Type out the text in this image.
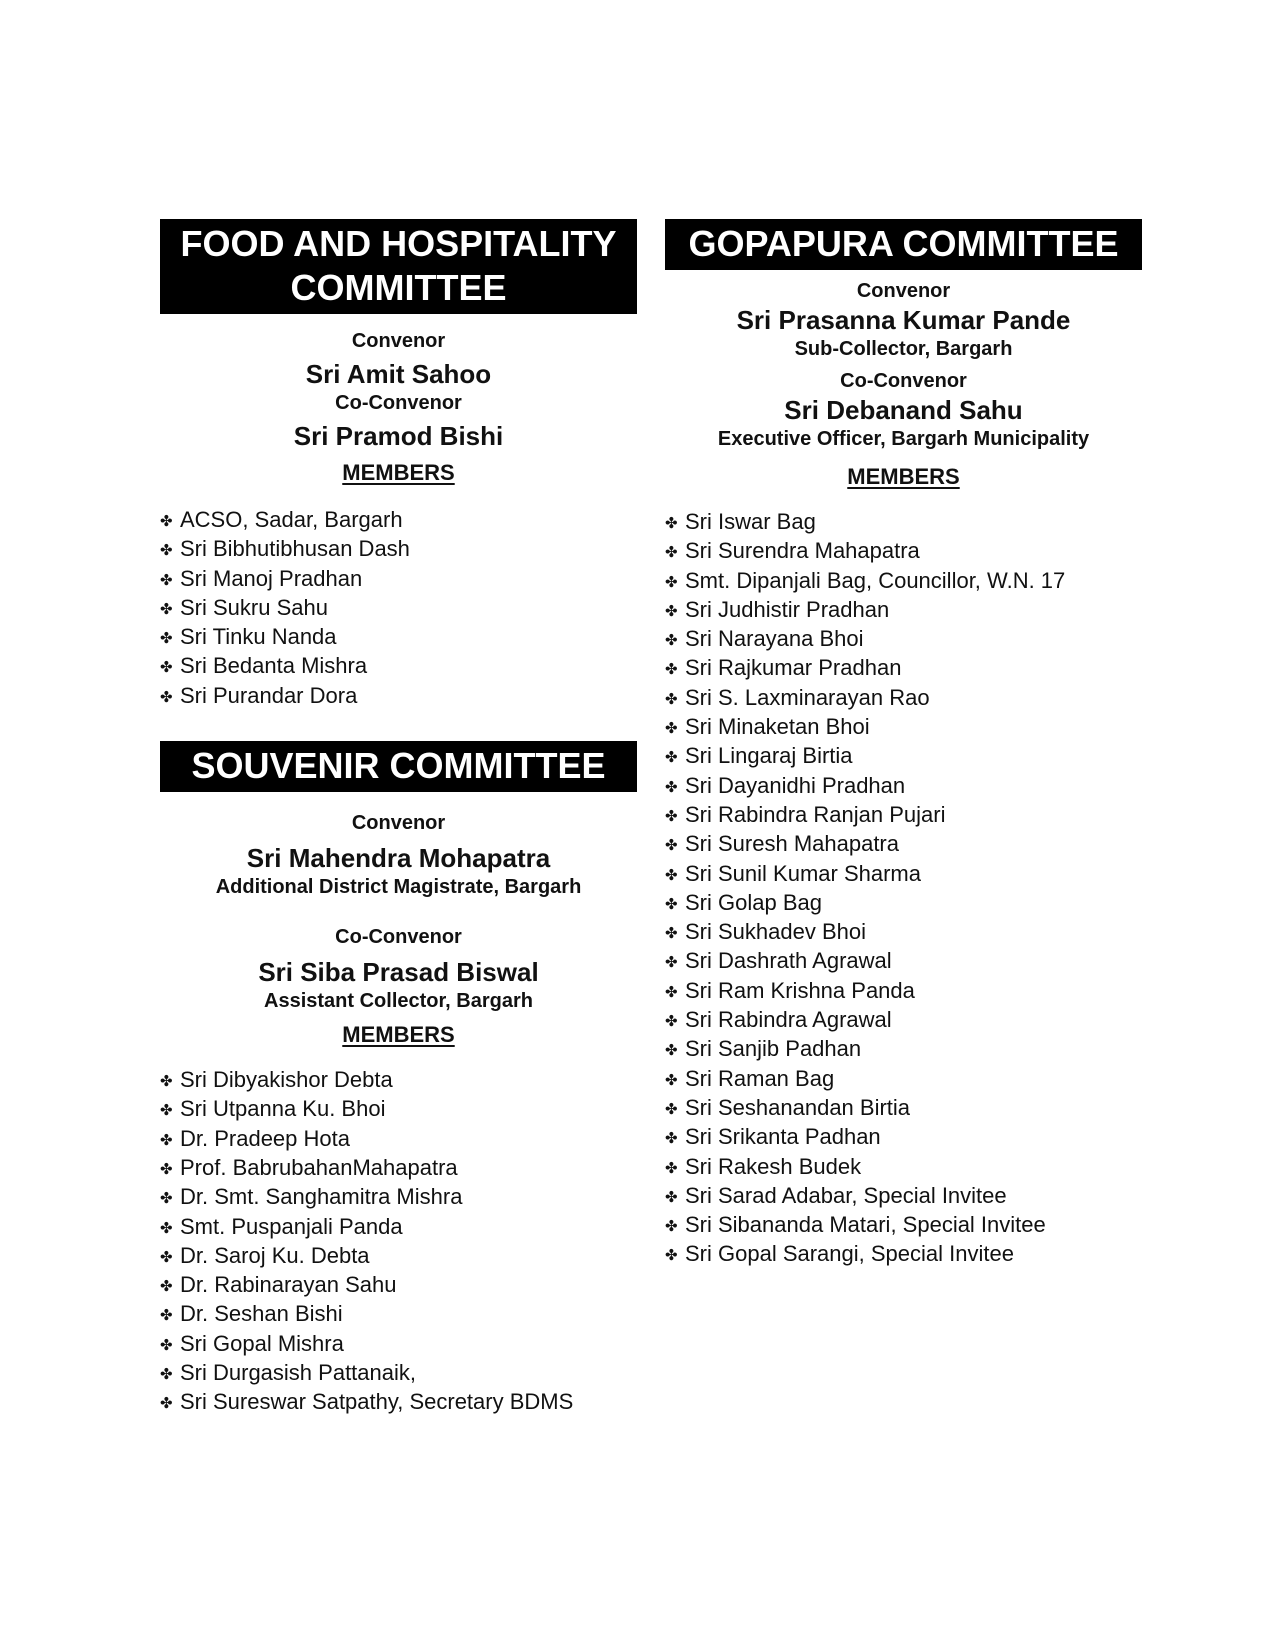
FOOD AND HOSPITALITY
COMMITTEE
Convenor
Sri Amit Sahoo
Co-Convenor
Sri Pramod Bishi
MEMBERS
✤ ACSO, Sadar, Bargarh
✤ Sri Bibhutibhusan Dash
✤ Sri Manoj Pradhan
✤ Sri Sukru Sahu
✤ Sri Tinku Nanda
✤ Sri Bedanta Mishra
✤ Sri Purandar Dora
SOUVENIR COMMITTEE
Convenor
Sri Mahendra Mohapatra
Additional District Magistrate, Bargarh
Co-Convenor
Sri Siba Prasad Biswal
Assistant Collector, Bargarh
MEMBERS
✤ Sri Dibyakishor Debta
✤ Sri Utpanna Ku. Bhoi
✤ Dr. Pradeep Hota
✤ Prof. BabrubahanMahapatra
✤ Dr. Smt. Sanghamitra Mishra
✤ Smt. Puspanjali Panda
✤ Dr. Saroj Ku. Debta
✤ Dr. Rabinarayan Sahu
✤ Dr. Seshan Bishi
✤ Sri Gopal Mishra
✤ Sri Durgasish Pattanaik,
✤ Sri Sureswar Satpathy, Secretary BDMS
GOPAPURA COMMITTEE
Convenor
Sri Prasanna Kumar Pande
Sub-Collector, Bargarh
Co-Convenor
Sri Debanand Sahu
Executive Officer, Bargarh Municipality
MEMBERS
✤ Sri Iswar Bag
✤ Sri Surendra Mahapatra
✤ Smt. Dipanjali Bag, Councillor, W.N. 17
✤ Sri Judhistir Pradhan
✤ Sri Narayana Bhoi
✤ Sri Rajkumar Pradhan
✤ Sri S. Laxminarayan Rao
✤ Sri Minaketan Bhoi
✤ Sri Lingaraj Birtia
✤ Sri Dayanidhi Pradhan
✤ Sri Rabindra Ranjan Pujari
✤ Sri Suresh Mahapatra
✤ Sri Sunil Kumar Sharma
✤ Sri Golap Bag
✤ Sri Sukhadev Bhoi
✤ Sri Dashrath Agrawal
✤ Sri Ram Krishna Panda
✤ Sri Rabindra Agrawal
✤ Sri Sanjib Padhan
✤ Sri Raman Bag
✤ Sri Seshanandan Birtia
✤ Sri Srikanta Padhan
✤ Sri Rakesh Budek
✤ Sri Sarad Adabar, Special Invitee
✤ Sri Sibananda Matari, Special Invitee
✤ Sri Gopal Sarangi, Special Invitee
